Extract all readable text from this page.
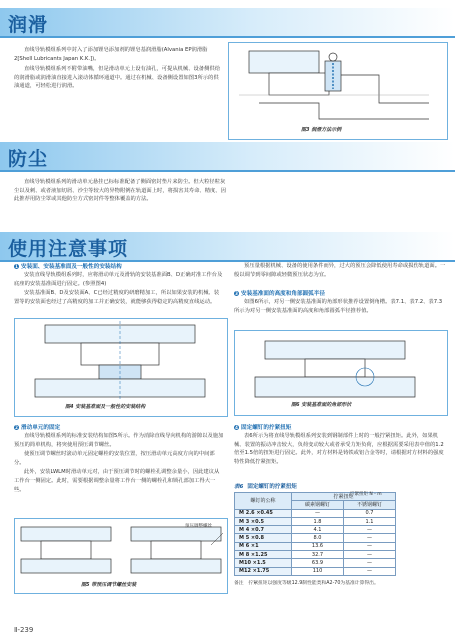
润滑

直线导轨模组系列中封入了添加锂皂添加剂的锂皂基润滑脂(Alvania EP润滑脂2[Shell Lubricants Japan K.K.])。

直线导轨模组系列不附带油嘴，但是滑动单元上设有油孔，可提从机械、设备侧供给的润滑脂或润滑油直接进入滚动体循环通道中。通过在机械、设备侧设置如图3所示的供油通道，可轻松进行润滑。

图3 润滑方法示例
防尘

直线导轨模组系列的滑动单元悬挂已标标准配备了侧面密封垫片来防尘。但大粒径粒灰尘以及刺、或者液加切屑、沙尘等较大的异物附例在轨道面上时，将损害其寿命、精度、因此推荐用防尘罩或其他防尘方式密封件等整体覆盖的方法。

使用注意事项
1 安装面、安装基准面及一般性的安装结构

安装直线导轨模组系列时，应将滑动单元及滑轨的安装基准面B、D正确对准工作台及底座的安装基准面进行固定。(参照图4)

安装基准面B、D及安装面A、C已经过精度的研磨精加工，所以如果安装的机械、装置等的安装面也经过了高精度的加工并正确安装，就能够获得稳定的高精度直线运动。

图4 安装基准面及一般性的安装结构
2 滑动单元的固定

直线导轨模组系列的标准安装结构如图5所示。作为消除直线导向机构的游隙以及施加预压的简单机构，将突使用预压调节螺丝。

使预压调节螺丝时滚动单元固定螺栓的安装位置，按压滑动单元高度方向的中间部分。

此外，安装LWLM时滑动单元对，由于预压调节时的螺栓孔调整余量小，因此建议从工作台一侧固定。此时，需要根据调整余量将工作台一侧的螺栓孔和锁孔部加工得大一些。

预压调整螺丝
图5 带预压调节螺丝安装

预压量根据机械、设备的使用条件而异，过大的预压会降低使用寿命或损伤轨道面。一般以调节到零间隙或轻微预压状态为宜。

3 安装基准面的高度和角部圆弧半径

如图6所示，对另一侧安装基准面的角部形状推荐设置倒角槽。表7.1、表7.2、表7.3所示为对另一侧安装基准面的高度和角部圆弧半径推荐值。

图6 安装基准面的角部形状
4 固定螺钉的拧紧扭矩

表6所示为将直线导轨模组系列安装到钢制部件上时的一般拧紧扭矩。此外，如果机械、装置的振动冲击较大，负荷变动较大或者承受力矩负荷，应根据需要采用表中值的1.2倍至1.5倍的扭矩进行固定。此外，对方材料是铸铁或铝合金等时，请根据对方材料的强度特性降低拧紧扭矩。

表6 固定螺钉的拧紧扭矩
螺钉的公称	拧紧扭矩	
	碳素钢螺钉	不锈钢螺钉
M 2.6 ×0.45	—	0.7
M 3 ×0.5	1.8	1.1
M 4 ×0.7	4.1	—
M 5 ×0.8	8.0	—
M 6 ×1	13.6	—
M 8 ×1.25	32.7	—
M10 ×1.5	63.9	—
M12 ×1.75	110	—
拧紧扭矩 N・m
备注　拧紧扭矩以强度等级12.9制性能类和A2-70为基准计算得出。
Ⅱ-239
